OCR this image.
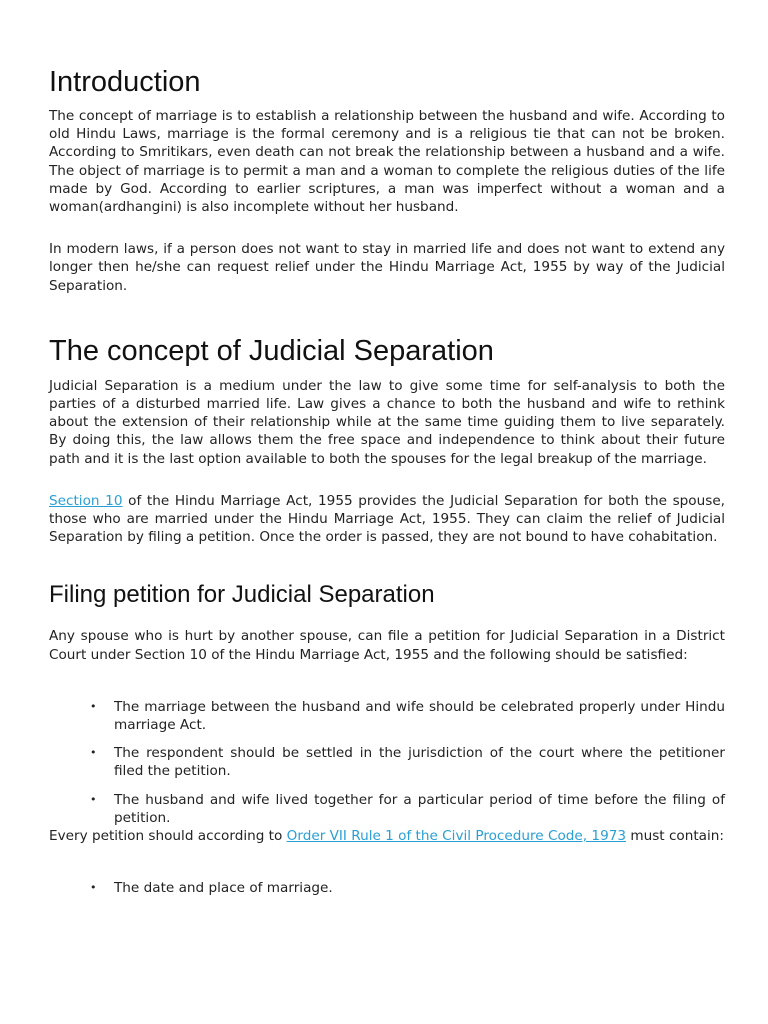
Introduction

The concept of marriage is to establish a relationship between the husband and wife. According to old Hindu Laws, marriage is the formal ceremony and is a religious tie that can not be broken. According to Smritikars, even death can not break the relationship between a husband and a wife. The object of marriage is to permit a man and a woman to complete the religious duties of the life made by God. According to earlier scriptures, a man was imperfect without a woman and a woman(ardhangini) is also incomplete without her husband.

In modern laws, if a person does not want to stay in married life and does not want to extend any longer then he/she can request relief under the Hindu Marriage Act, 1955 by way of the Judicial Separation.

The concept of Judicial Separation

Judicial Separation is a medium under the law to give some time for self-analysis to both the parties of a disturbed married life. Law gives a chance to both the husband and wife to rethink about the extension of their relationship while at the same time guiding them to live separately. By doing this, the law allows them the free space and independence to think about their future path and it is the last option available to both the spouses for the legal breakup of the marriage.

Section 10 of the Hindu Marriage Act, 1955 provides the Judicial Separation for both the spouse, those who are married under the Hindu Marriage Act, 1955. They can claim the relief of Judicial Separation by filing a petition. Once the order is passed, they are not bound to have cohabitation.

Filing petition for Judicial Separation

Any spouse who is hurt by another spouse, can file a petition for Judicial Separation in a District Court under Section 10 of the Hindu Marriage Act, 1955 and the following should be satisfied:

• The marriage between the husband and wife should be celebrated properly under Hindu marriage Act.
• The respondent should be settled in the jurisdiction of the court where the petitioner filed the petition.
• The husband and wife lived together for a particular period of time before the filing of petition.

Every petition should according to Order VII Rule 1 of the Civil Procedure Code, 1973 must contain:

• The date and place of marriage.
